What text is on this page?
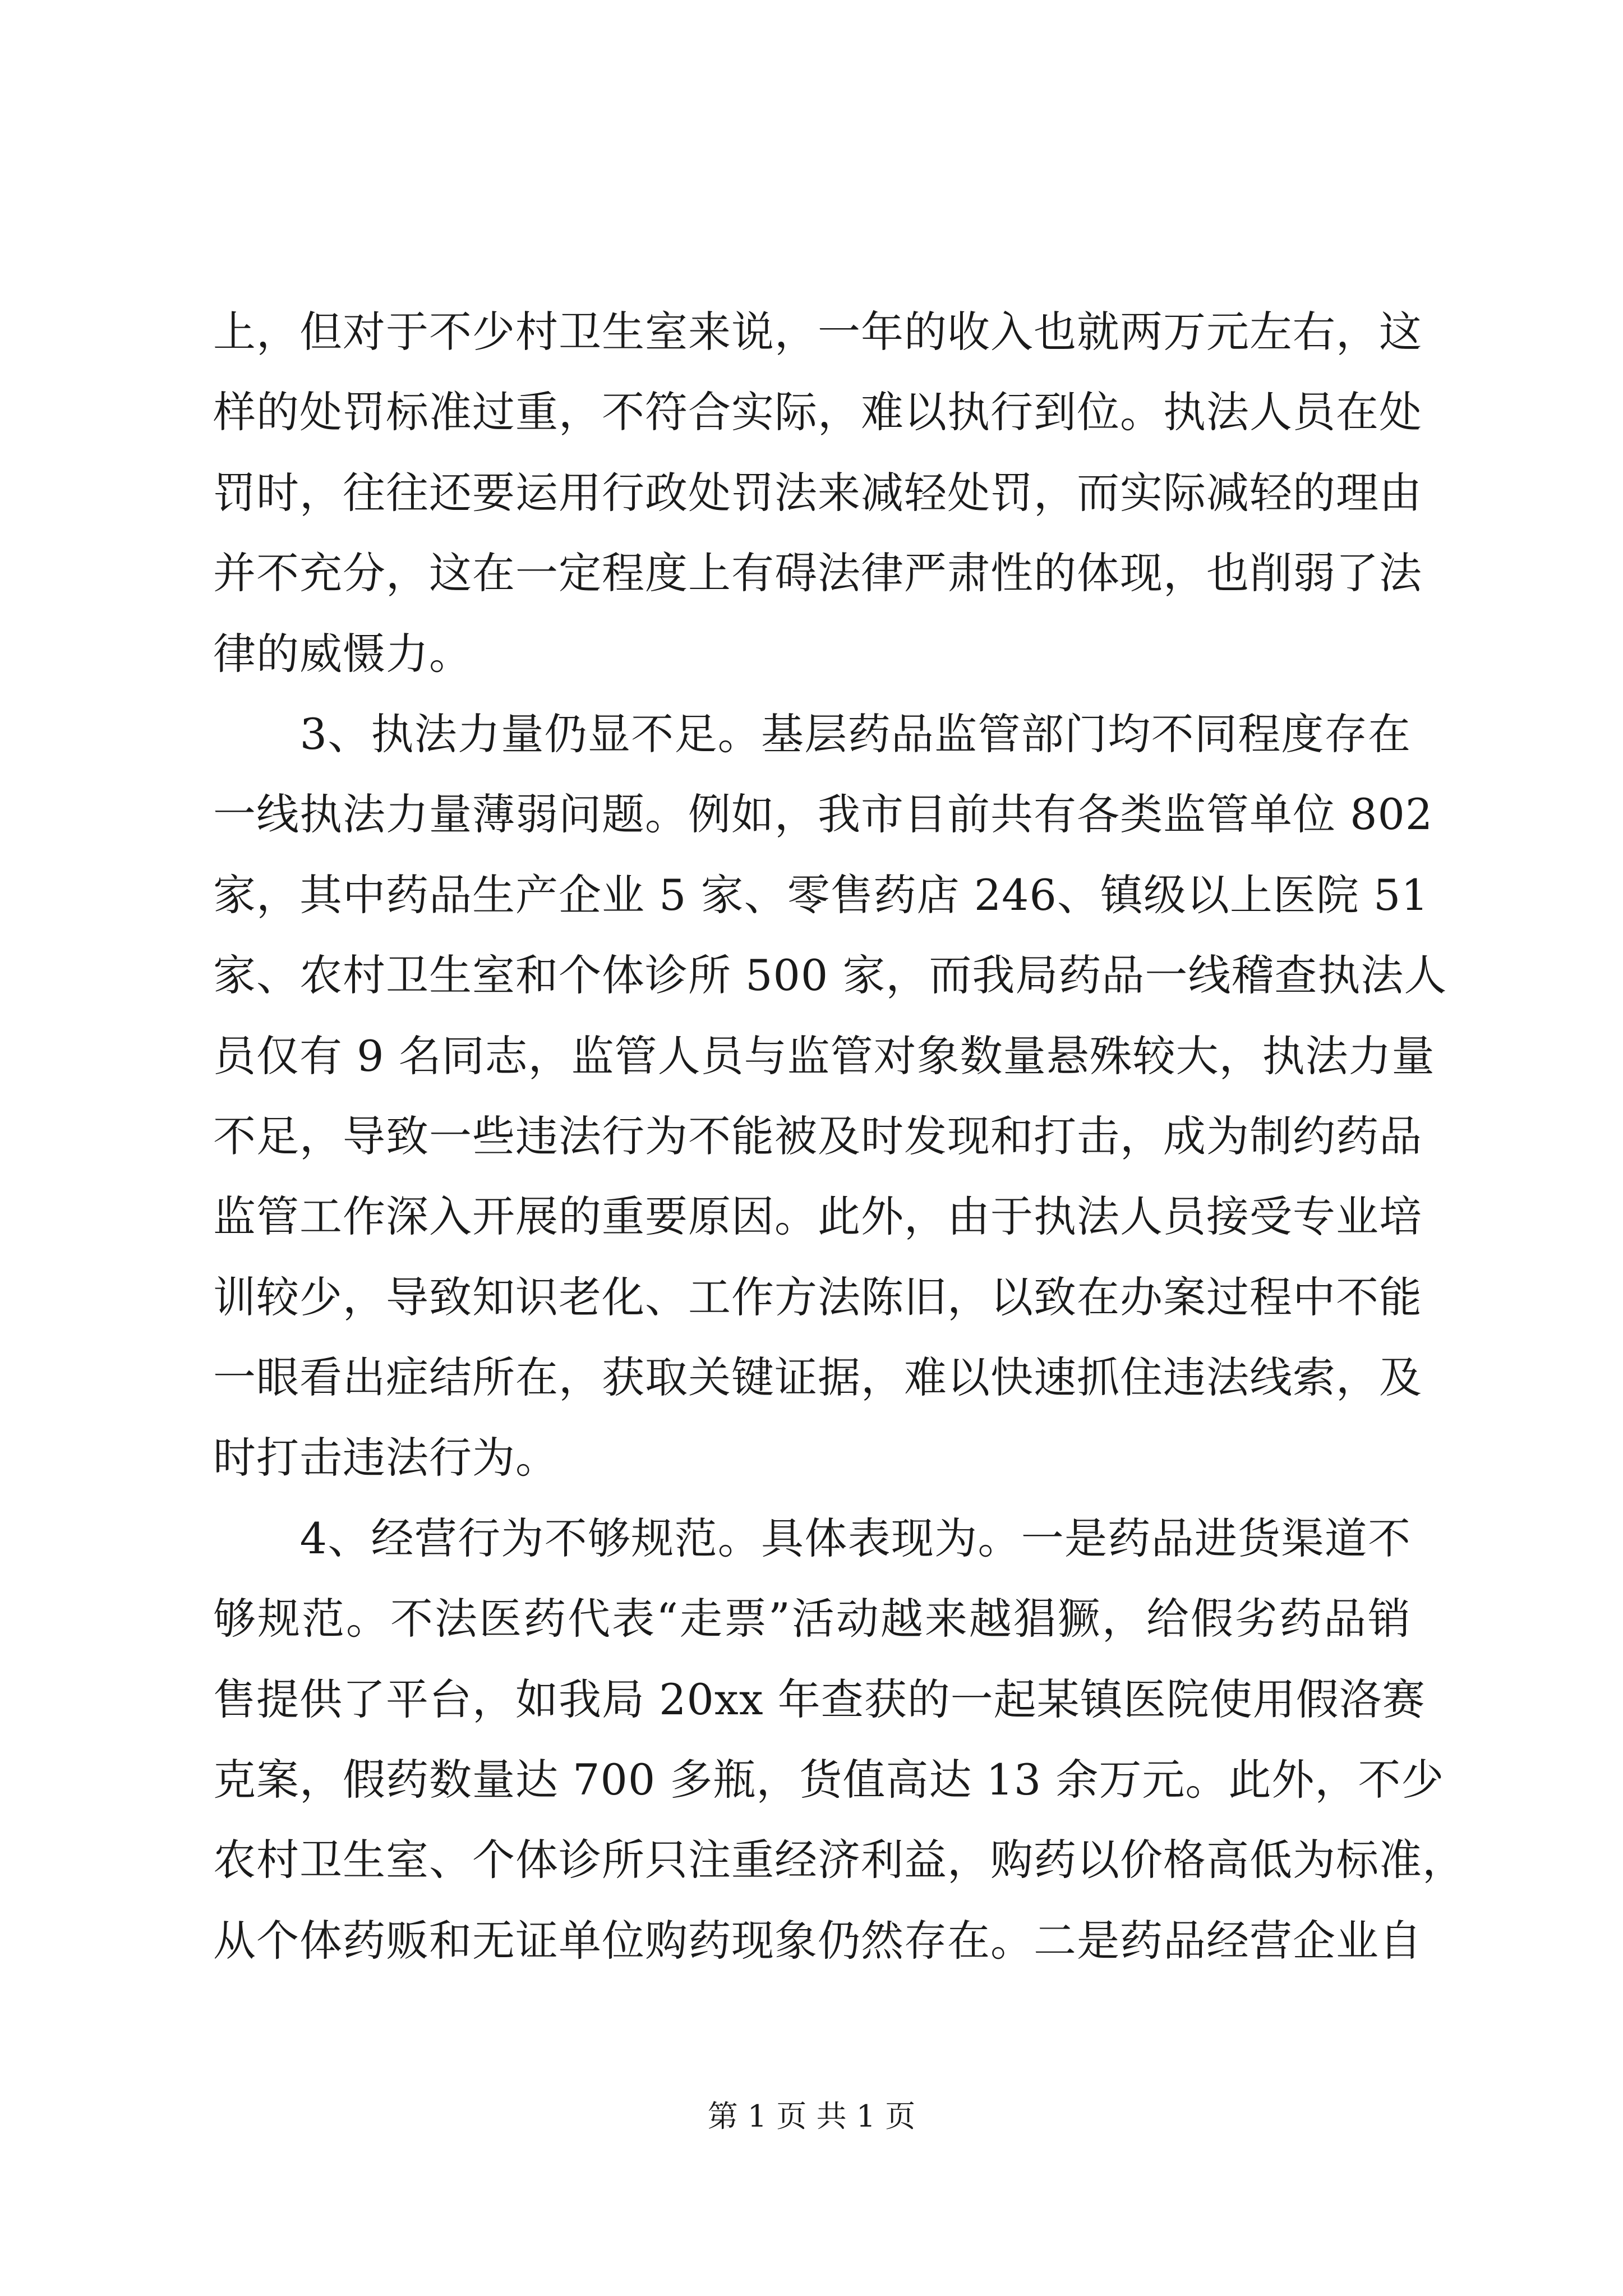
上，但对于不少村卫生室来说，一年的收入也就两万元左右，这
样的处罚标准过重，不符合实际，难以执行到位。执法人员在处
罚时，往往还要运用行政处罚法来减轻处罚，而实际减轻的理由
并不充分，这在一定程度上有碍法律严肃性的体现，也削弱了法
律的威慑力。
　　3、执法力量仍显不足。基层药品监管部门均不同程度存在
一线执法力量薄弱问题。例如，我市目前共有各类监管单位 802
家，其中药品生产企业 5 家、零售药店 246、镇级以上医院 51
家、农村卫生室和个体诊所 500 家，而我局药品一线稽查执法人
员仅有 9 名同志，监管人员与监管对象数量悬殊较大，执法力量
不足，导致一些违法行为不能被及时发现和打击，成为制约药品
监管工作深入开展的重要原因。此外，由于执法人员接受专业培
训较少，导致知识老化、工作方法陈旧，以致在办案过程中不能
一眼看出症结所在，获取关键证据，难以快速抓住违法线索，及
时打击违法行为。
　　4、经营行为不够规范。具体表现为。一是药品进货渠道不
够规范。不法医药代表“走票”活动越来越猖獗，给假劣药品销
售提供了平台，如我局 20xx 年查获的一起某镇医院使用假洛赛
克案，假药数量达 700 多瓶，货值高达 13 余万元。此外，不少
农村卫生室、个体诊所只注重经济利益，购药以价格高低为标准，
从个体药贩和无证单位购药现象仍然存在。二是药品经营企业自
第 1 页 共 1 页
